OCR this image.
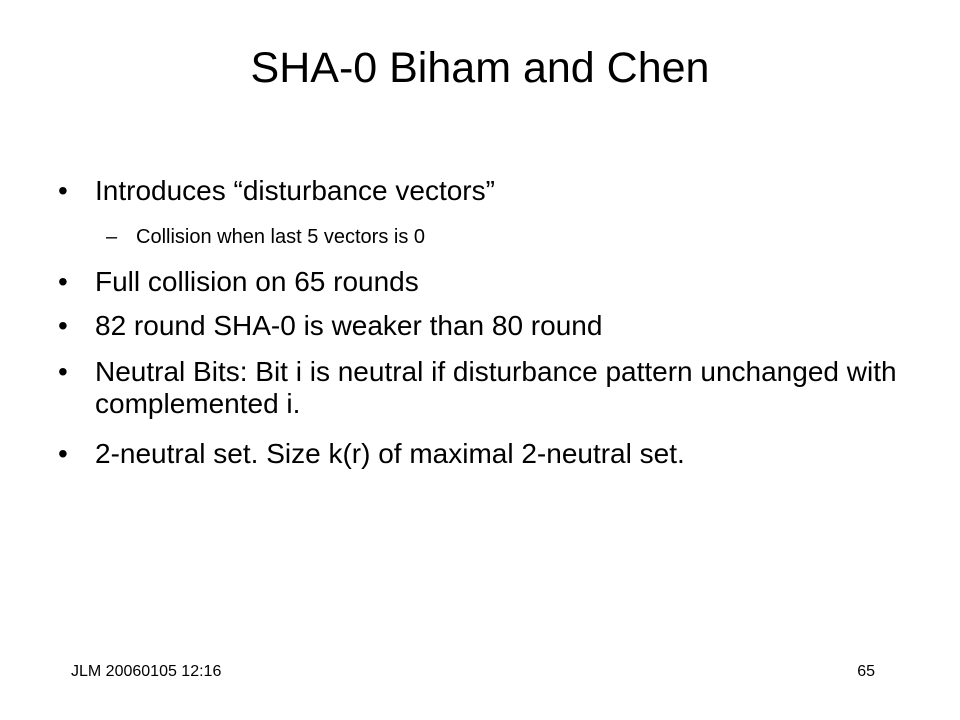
SHA-0 Biham and Chen
• Introduces “disturbance vectors”
– Collision when last 5 vectors is 0
• Full collision on 65 rounds
• 82 round SHA-0 is weaker than 80 round
• Neutral Bits: Bit i is neutral if disturbance pattern unchanged with complemented i.
• 2-neutral set. Size k(r) of maximal 2-neutral set.
JLM 20060105 12:16	65
